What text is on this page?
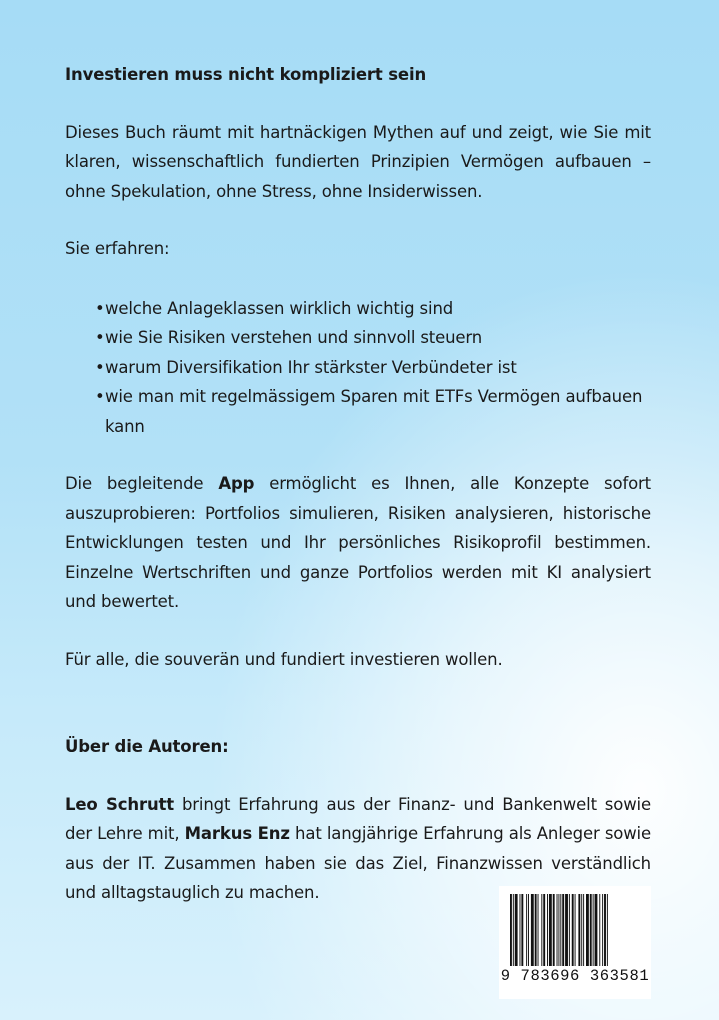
Investieren muss nicht kompliziert sein

Dieses Buch räumt mit hartnäckigen Mythen auf und zeigt, wie Sie mit klaren, wissenschaftlich fundierten Prinzipien Vermögen aufbauen – ohne Spekulation, ohne Stress, ohne Insiderwissen.

Sie erfahren:

• welche Anlageklassen wirklich wichtig sind
• wie Sie Risiken verstehen und sinnvoll steuern
• warum Diversifikation Ihr stärkster Verbündeter ist
• wie man mit regelmässigem Sparen mit ETFs Vermögen aufbauen kann

Die begleitende App ermöglicht es Ihnen, alle Konzepte sofort auszuprobieren: Portfolios simulieren, Risiken analysieren, historische Entwicklungen testen und Ihr persönliches Risikoprofil bestimmen. Einzelne Wertschriften und ganze Portfolios werden mit KI analysiert und bewertet.

Für alle, die souverän und fundiert investieren wollen.

Über die Autoren:

Leo Schrutt bringt Erfahrung aus der Finanz- und Bankenwelt sowie der Lehre mit, Markus Enz hat langjährige Erfahrung als Anleger sowie aus der IT. Zusammen haben sie das Ziel, Finanzwissen verständlich und alltagstauglich zu machen.

9 783696 363581
